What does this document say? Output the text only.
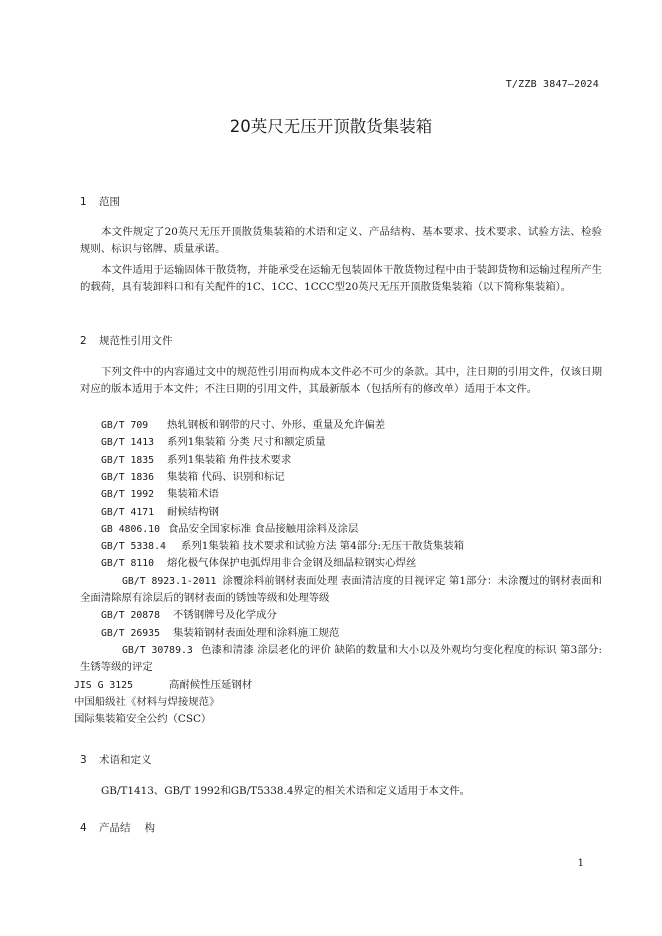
T/ZZB 3847—2024
20英尺无压开顶散货集装箱
1 范围
本文件规定了20英尺无压开顶散货集装箱的术语和定义、产品结构、基本要求、技术要求、试验方法、检验规则、标识与铭牌、质量承诺。
本文件适用于运输固体干散货物，并能承受在运输无包装固体干散货物过程中由于装卸货物和运输过程所产生的载荷，具有装卸料口和有关配件的1C、1CC、1CCC型20英尺无压开顶散货集装箱（以下简称集装箱）。
2 规范性引用文件
下列文件中的内容通过文中的规范性引用而构成本文件必不可少的条款。其中，注日期的引用文件，仅该日期对应的版本适用于本文件；不注日期的引用文件，其最新版本（包括所有的修改单）适用于本文件。
GB/T 709 热轧钢板和钢带的尺寸、外形、重量及允许偏差
GB/T 1413 系列1集装箱 分类 尺寸和额定质量
GB/T 1835 系列1集装箱 角件技术要求
GB/T 1836 集装箱 代码、识别和标记
GB/T 1992 集装箱术语
GB/T 4171 耐候结构钢
GB 4806.10 食品安全国家标准 食品接触用涂料及涂层
GB/T 5338.4 系列1集装箱 技术要求和试验方法 第4部分:无压干散货集装箱
GB/T 8110 熔化极气体保护电弧焊用非合金钢及细晶粒钢实心焊丝
GB/T 8923.1-2011 涂覆涂料前钢材表面处理 表面清洁度的目视评定 第1部分：未涂覆过的钢材表面和全面清除原有涂层后的钢材表面的锈蚀等级和处理等级
GB/T 20878 不锈钢牌号及化学成分
GB/T 26935 集装箱钢材表面处理和涂料施工规范
GB/T 30789.3 色漆和清漆 涂层老化的评价 缺陷的数量和大小以及外观均匀变化程度的标识 第3部分:生锈等级的评定
JIS G 3125	高耐候性压延钢材
中国船级社《材料与焊接规范》
国际集装箱安全公约（CSC）
3 术语和定义
GB/T1413、GB/T 1992和GB/T5338.4界定的相关术语和定义适用于本文件。
4 产品结 构
1
